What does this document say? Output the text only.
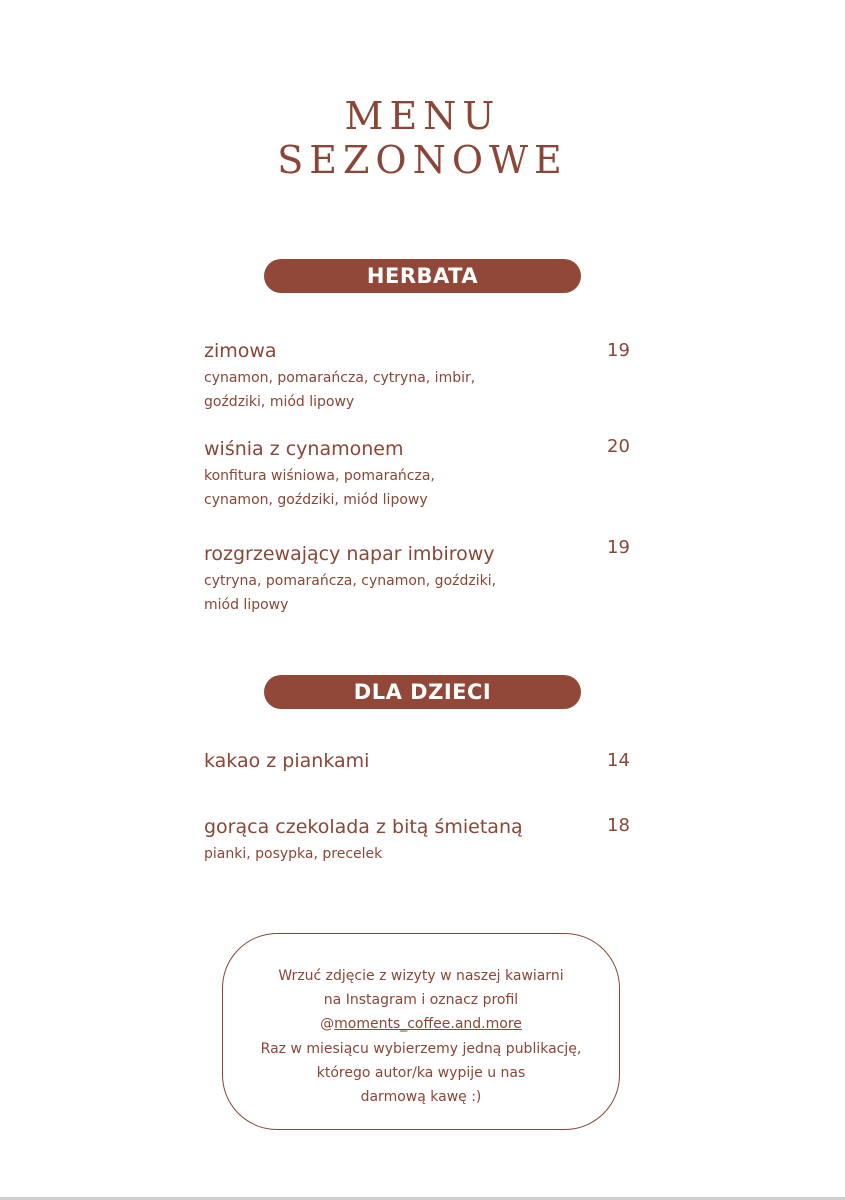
MENU
SEZONOWE
HERBATA
zimowa
cynamon, pomarańcza, cytryna, imbir,
goździki, miód lipowy
19
wiśnia z cynamonem
konfitura wiśniowa, pomarańcza,
cynamon, goździki, miód lipowy
20
rozgrzewający napar imbirowy
cytryna, pomarańcza, cynamon, goździki,
miód lipowy
19
DLA DZIECI
kakao z piankami	14
gorąca czekolada z bitą śmietaną
pianki, posypka, precelek
18
Wrzuć zdjęcie z wizyty w naszej kawiarni
na Instagram i oznacz profil
@moments_coffee.and.more
Raz w miesiącu wybierzemy jedną publikację,
którego autor/ka wypije u nas
darmową kawę :)
